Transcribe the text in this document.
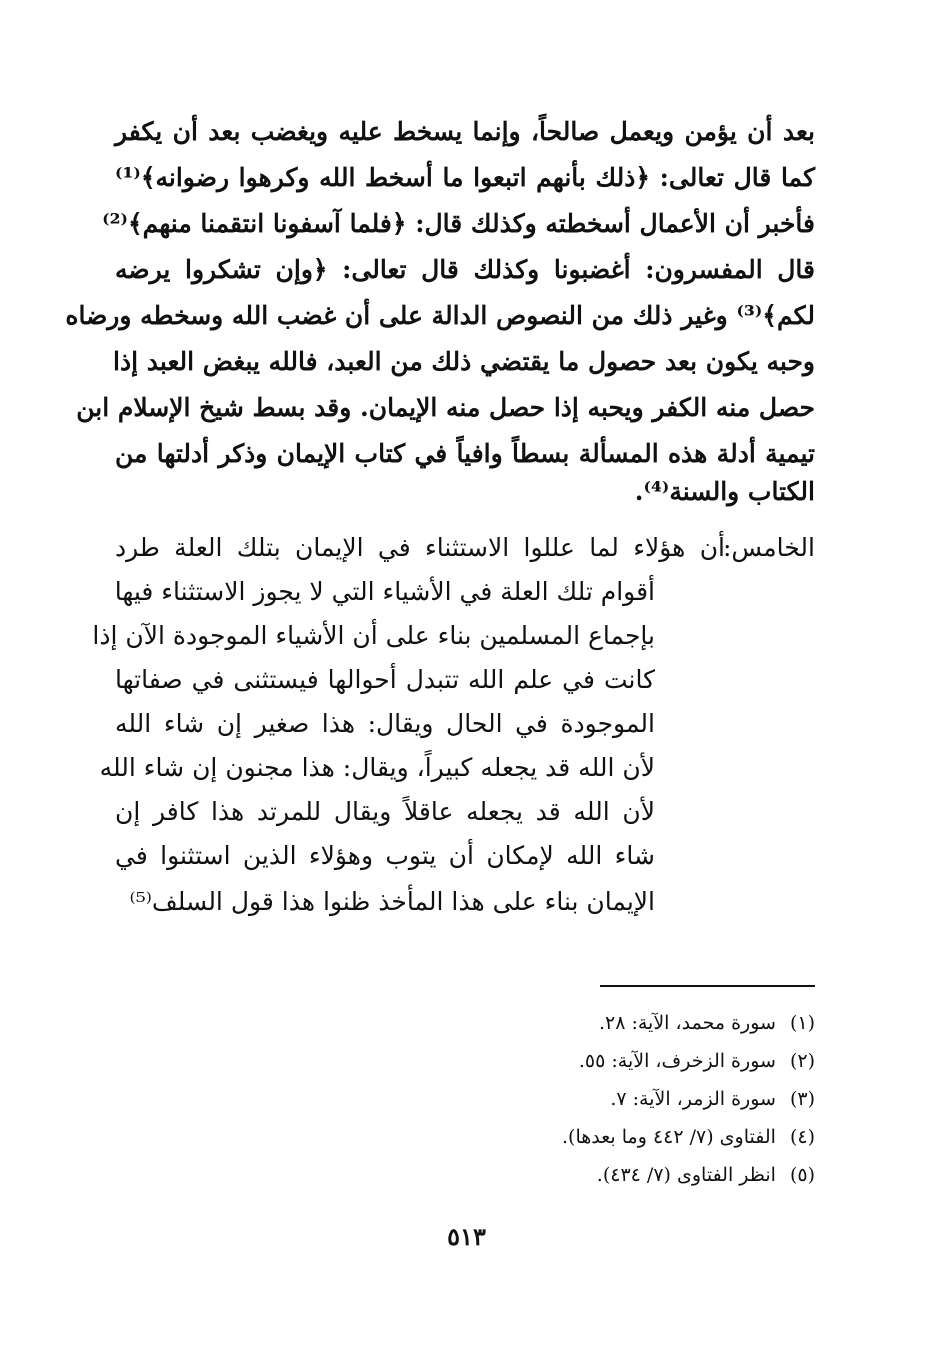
بعد أن يؤمن ويعمل صالحاً، وإنما يسخط عليه ويغضب بعد أن يكفر
كما قال تعالى: ﴿ذلك بأنهم اتبعوا ما أسخط الله وكرهوا رضوانه﴾⁽¹⁾
فأخبر أن الأعمال أسخطته وكذلك قال: ﴿فلما آسفونا انتقمنا منهم﴾⁽²⁾
قال المفسرون: أغضبونا وكذلك قال تعالى: ﴿وإن تشكروا يرضه
لكم﴾⁽³⁾ وغير ذلك من النصوص الدالة على أن غضب الله وسخطه ورضاه
وحبه يكون بعد حصول ما يقتضي ذلك من العبد، فالله يبغض العبد إذا
حصل منه الكفر ويحبه إذا حصل منه الإيمان. وقد بسط شيخ الإسلام ابن
تيمية أدلة هذه المسألة بسطاً وافياً في كتاب الإيمان وذكر أدلتها من
الكتاب والسنة⁽⁴⁾.
الخامس:
أن هؤلاء لما عللوا الاستثناء في الإيمان بتلك العلة طرد
أقوام تلك العلة في الأشياء التي لا يجوز الاستثناء فيها
بإجماع المسلمين بناء على أن الأشياء الموجودة الآن إذا
كانت في علم الله تتبدل أحوالها فيستثنى في صفاتها
الموجودة في الحال ويقال: هذا صغير إن شاء الله
لأن الله قد يجعله كبيراً، ويقال: هذا مجنون إن شاء الله
لأن الله قد يجعله عاقلاً ويقال للمرتد هذا كافر إن
شاء الله لإمكان أن يتوب وهؤلاء الذين استثنوا في
الإيمان بناء على هذا المأخذ ظنوا هذا قول السلف⁽⁵⁾
(١)سورة محمد، الآية: ٢٨.
(٢)سورة الزخرف، الآية: ٥٥.
(٣)سورة الزمر، الآية: ٧.
(٤)الفتاوى (٧/ ٤٤٢ وما بعدها).
(٥)انظر الفتاوى (٧/ ٤٣٤).
٥١٣
